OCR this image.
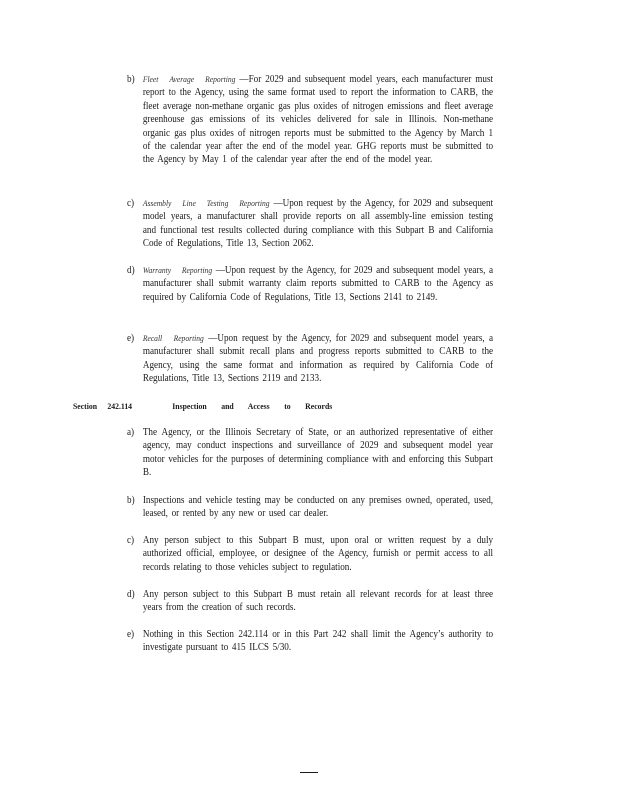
b) Fleet Average Reporting —For 2029 and subsequent model years, each manufacturer must report to the Agency, using the same format used to report the information to CARB, the fleet average non-methane organic gas plus oxides of nitrogen emissions and fleet average greenhouse gas emissions of its vehicles delivered for sale in Illinois. Non-methane organic gas plus oxides of nitrogen reports must be submitted to the Agency by March 1 of the calendar year after the end of the model year. GHG reports must be submitted to the Agency by May 1 of the calendar year after the end of the model year.
c)	Assembly Line Testing Reporting —Upon request by the Agency, for 2029 and subsequent model years, a manufacturer shall provide reports on all assembly-line emission testing and functional test results collected during compliance with this Subpart B and California Code of Regulations, Title 13, Section 2062.
d) Warranty Reporting —Upon request by the Agency, for 2029 and subsequent model years, a manufacturer shall submit warranty claim reports submitted to CARB to the Agency as required by California Code of Regulations, Title 13, Sections 2141 to 2149.
e)	Recall Reporting —Upon request by the Agency, for 2029 and subsequent model years, a manufacturer shall submit recall plans and progress reports submitted to CARB to the Agency, using the same format and information as required by California Code of Regulations, Title 13, Sections 2119 and 2133.
Section 242.114	Inspection and Access to Records
a) The Agency, or the Illinois Secretary of State, or an authorized representative of either agency, may conduct inspections and surveillance of 2029 and subsequent model year motor vehicles for the purposes of determining compliance with and enforcing this Subpart B.
b) Inspections and vehicle testing may be conducted on any premises owned, operated, used, leased, or rented by any new or used car dealer.
c) Any person subject to this Subpart B must, upon oral or written request by a duly authorized official, employee, or designee of the Agency, furnish or permit access to all records relating to those vehicles subject to regulation.
d) Any person subject to this Subpart B must retain all relevant records for at least three years from the creation of such records.
e) Nothing in this Section 242.114 or in this Part 242 shall limit the Agency’s authority to investigate pursuant to 415 ILCS 5/30.
